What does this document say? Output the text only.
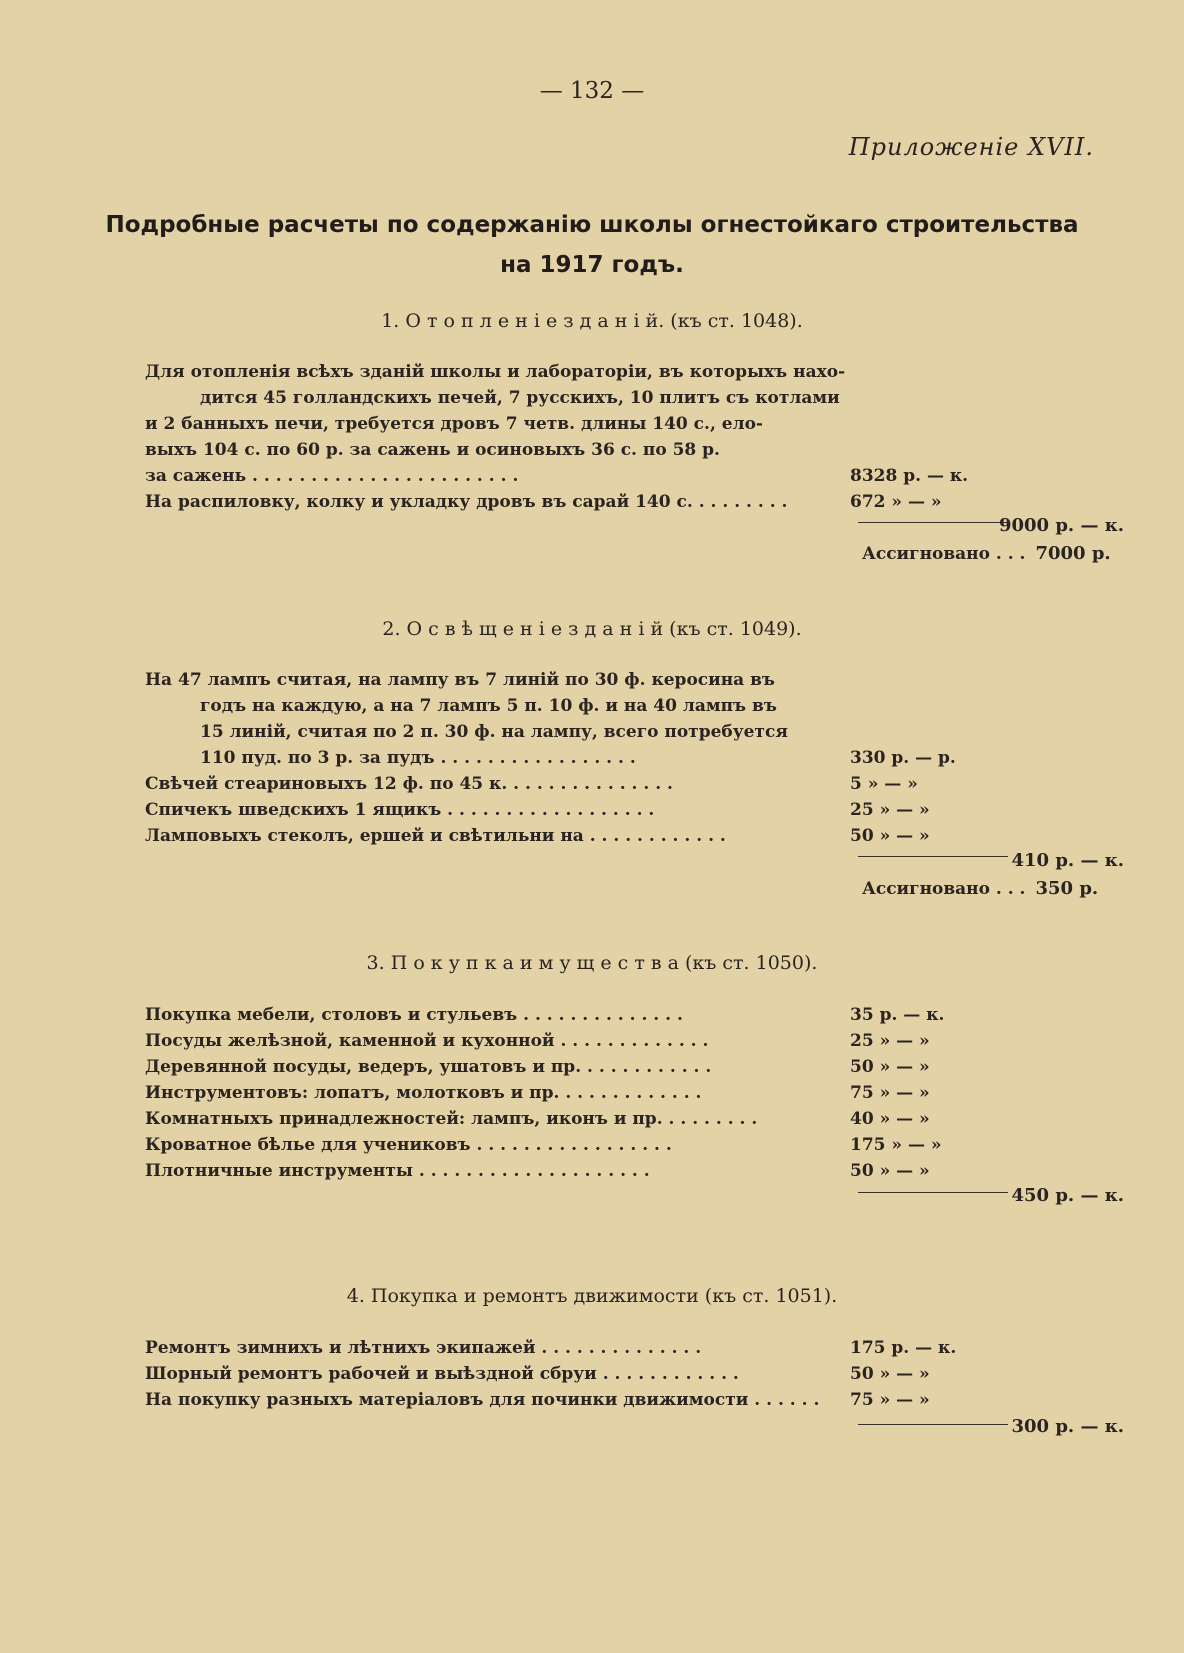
— 132 —
Приложеніе XVII.
Подробные расчеты по содержанію школы огнестойкаго строительства
на 1917 годъ.
1. О т о п л е н і е з д а н і й. (къ ст. 1048).
Для отопленія всѣхъ зданій школы и лабораторіи, въ которыхъ нахо-
дится 45 голландскихъ печей, 7 русскихъ, 10 плитъ съ котлами
и 2 банныхъ печи, требуется дровъ 7 четв. длины 140 с., ело-
выхъ 104 с. по 60 р. за сажень и осиновыхъ 36 с. по 58 р.
за сажень . . . . . . . . . . . . . . . . . . . . . . .	8328 р. — к.
На распиловку, колку и укладку дровъ въ сарай 140 с. . . . . . . . .	672 » — »
9000 р. — к.
Ассигновано . . . 7000 р.
2. О с в ѣ щ е н і е з д а н і й (къ ст. 1049).
На 47 лампъ считая, на лампу въ 7 линій по 30 ф. керосина въ
годъ на каждую, а на 7 лампъ 5 п. 10 ф. и на 40 лампъ въ
15 линій, считая по 2 п. 30 ф. на лампу, всего потребуется
110 пуд. по 3 р. за пудъ . . . . . . . . . . . . . . . . .	330 р. — р.
Свѣчей стеариновыхъ 12 ф. по 45 к. . . . . . . . . . . . . . .	5 » — »
Спичекъ шведскихъ 1 ящикъ . . . . . . . . . . . . . . . . . .	25 » — »
Ламповыхъ стеколъ, ершей и свѣтильни на . . . . . . . . . . . .	50 » — »
410 р. — к.
Ассигновано . . . 350 р.
3. П о к у п к а и м у щ е с т в а (къ ст. 1050).
Покупка мебели, столовъ и стульевъ . . . . . . . . . . . . . .	35 р. — к.
Посуды желѣзной, каменной и кухонной . . . . . . . . . . . . .	25 » — »
Деревянной посуды, ведеръ, ушатовъ и пр. . . . . . . . . . . .	50 » — »
Инструментовъ: лопатъ, молотковъ и пр. . . . . . . . . . . . .	75 » — »
Комнатныхъ принадлежностей: лампъ, иконъ и пр. . . . . . . . .	40 » — »
Кроватное бѣлье для учениковъ . . . . . . . . . . . . . . . . .	175 » — »
Плотничные инструменты . . . . . . . . . . . . . . . . . . . .	50 » — »
450 р. — к.
4. Покупка и ремонтъ движимости (къ ст. 1051).
Ремонтъ зимнихъ и лѣтнихъ экипажей . . . . . . . . . . . . . .	175 р. — к.
Шорный ремонтъ рабочей и выѣздной сбруи . . . . . . . . . . . .	50 » — »
На покупку разныхъ матеріаловъ для починки движимости . . . . . .	75 » — »
300 р. — к.
